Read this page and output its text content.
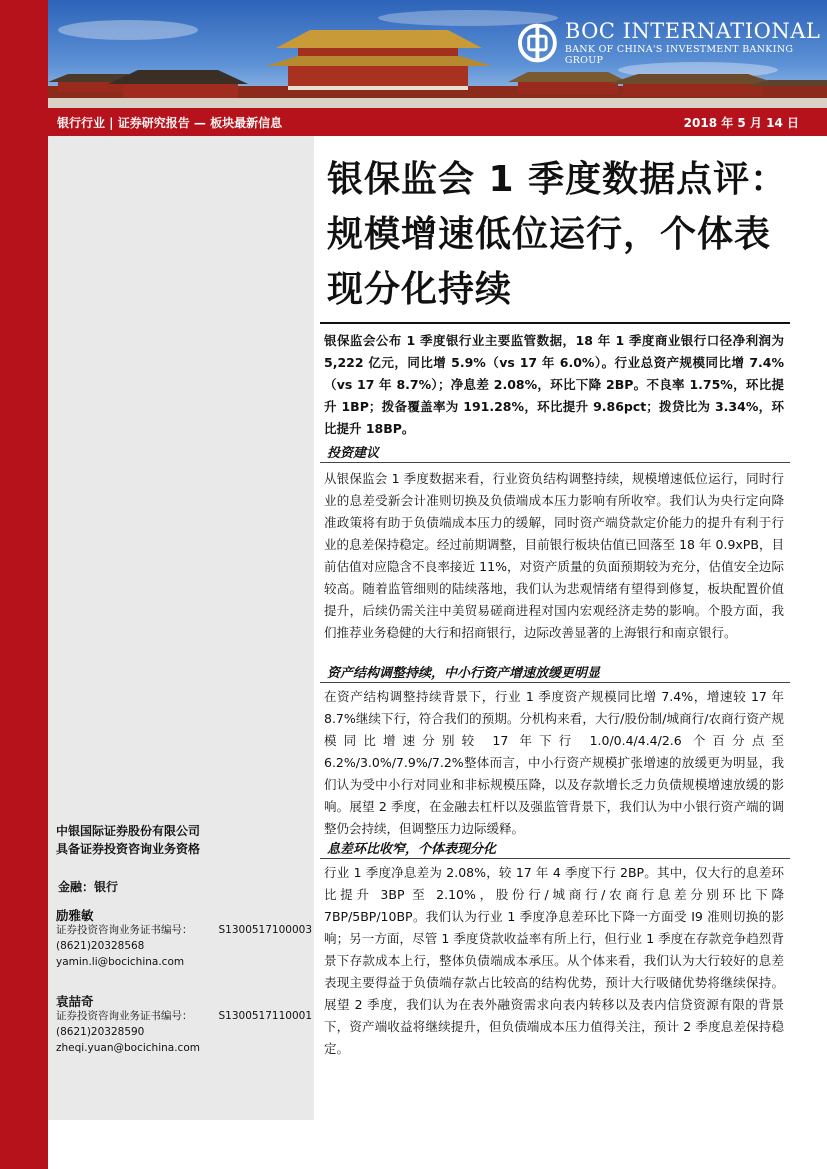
BOC INTERNATIONAL
BANK OF CHINA'S INVESTMENT BANKING GROUP
银行行业 | 证券研究报告 — 板块最新信息	2018 年 5 月 14 日
银保监会 1 季度数据点评：
规模增速低位运行，个体表
现分化持续
银保监会公布 1 季度银行业主要监管数据，18 年 1 季度商业银行口径净利润为 5,222 亿元，同比增 5.9%（vs 17 年 6.0%）。行业总资产规模同比增 7.4%（vs 17 年 8.7%）；净息差 2.08%，环比下降 2BP。不良率 1.75%，环比提升 1BP；拨备覆盖率为 191.28%，环比提升 9.86pct；拨贷比为 3.34%，环比提升 18BP。
投资建议
从银保监会 1 季度数据来看，行业资负结构调整持续，规模增速低位运行，同时行业的息差受新会计准则切换及负债端成本压力影响有所收窄。我们认为央行定向降准政策将有助于负债端成本压力的缓解，同时资产端贷款定价能力的提升有利于行业的息差保持稳定。经过前期调整，目前银行板块估值已回落至 18 年 0.9xPB，目前估值对应隐含不良率接近 11%，对资产质量的负面预期较为充分，估值安全边际较高。随着监管细则的陆续落地，我们认为悲观情绪有望得到修复，板块配置价值提升，后续仍需关注中美贸易磋商进程对国内宏观经济走势的影响。个股方面，我们推荐业务稳健的大行和招商银行，边际改善显著的上海银行和南京银行。
资产结构调整持续，中小行资产增速放缓更明显
在资产结构调整持续背景下，行业 1 季度资产规模同比增 7.4%，增速较 17 年 8.7%继续下行，符合我们的预期。分机构来看，大行/股份制/城商行/农商行资产规模同比增速分别较 17 年下行 1.0/0.4/4.4/2.6 个百分点至 6.2%/3.0%/7.9%/7.2%整体而言，中小行资产规模扩张增速的放缓更为明显，我们认为受中小行对同业和非标规模压降，以及存款增长乏力负债规模增速放缓的影响。展望 2 季度，在金融去杠杆以及强监管背景下，我们认为中小银行资产端的调整仍会持续，但调整压力边际缓释。
息差环比收窄，个体表现分化
行业 1 季度净息差为 2.08%，较 17 年 4 季度下行 2BP。其中，仅大行的息差环比提升 3BP 至 2.10%，股份行/城商行/农商行息差分别环比下降 7BP/5BP/10BP。我们认为行业 1 季度净息差环比下降一方面受 I9 准则切换的影响；另一方面，尽管 1 季度贷款收益率有所上行，但行业 1 季度在存款竞争趋烈背景下存款成本上行，整体负债端成本承压。从个体来看，我们认为大行较好的息差表现主要得益于负债端存款占比较高的结构优势，预计大行吸储优势将继续保持。展望 2 季度，我们认为在表外融资需求向表内转移以及表内信贷资源有限的背景下，资产端收益将继续提升，但负债端成本压力值得关注，预计 2 季度息差保持稳定。
中银国际证券股份有限公司
具备证券投资咨询业务资格
金融：银行
励雅敏
证券投资咨询业务证书编号： S1300517100003
(8621)20328568
yamin.li@bocichina.com
袁喆奇
证券投资咨询业务证书编号： S1300517110001
(8621)20328590
zheqi.yuan@bocichina.com
